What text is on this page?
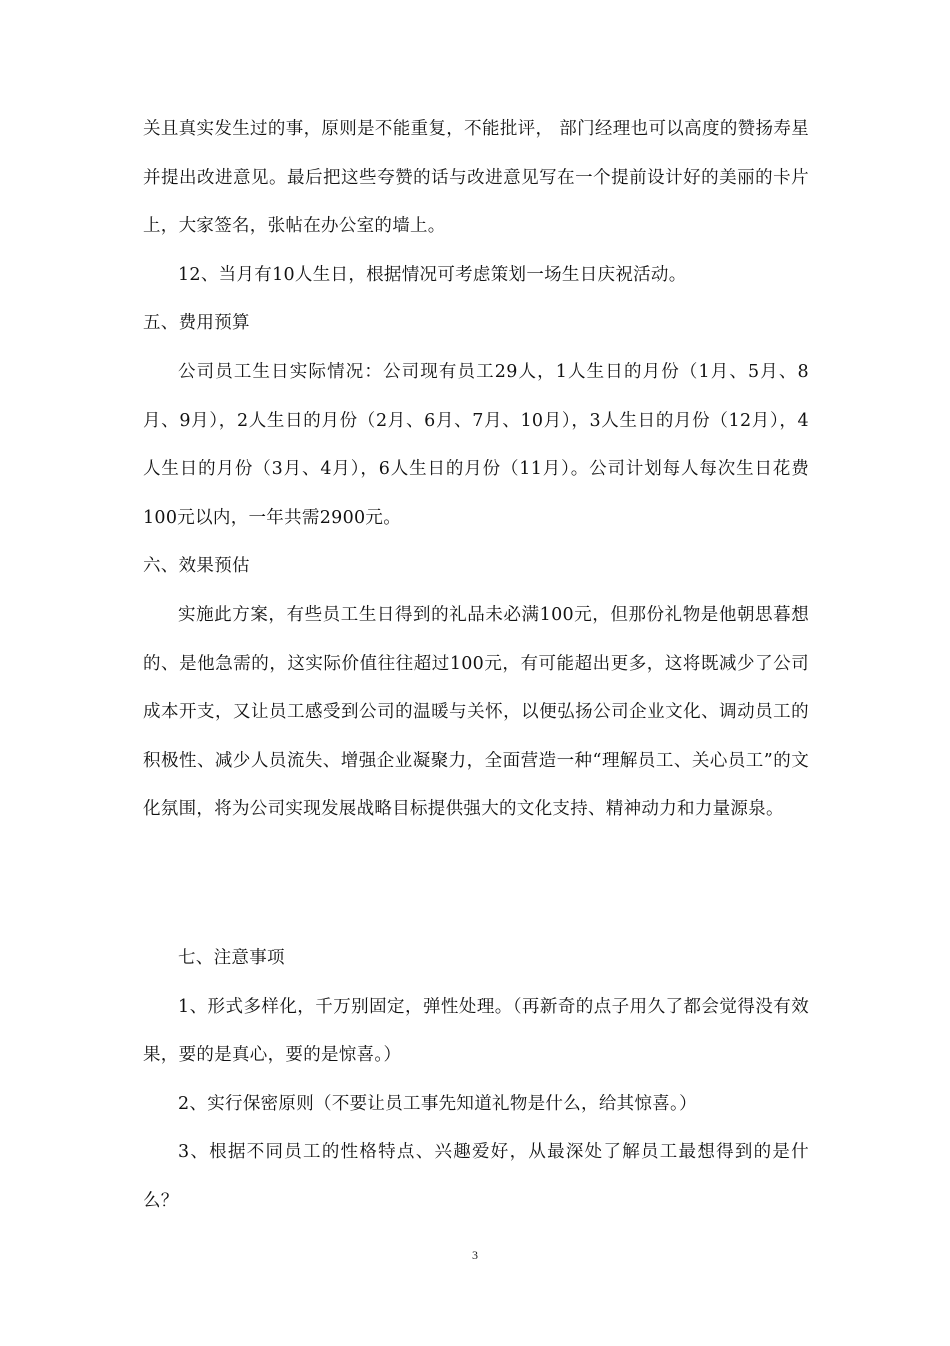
关且真实发生过的事，原则是不能重复，不能批评， 部门经理也可以高度的赞扬寿星并提出改进意见。最后把这些夸赞的话与改进意见写在一个提前设计好的美丽的卡片上，大家签名，张帖在办公室的墙上。

12、当月有10人生日，根据情况可考虑策划一场生日庆祝活动。

五、费用预算

公司员工生日实际情况：公司现有员工29人，1人生日的月份（1月、5月、8月、9月），2人生日的月份（2月、6月、7月、10月），3人生日的月份（12月），4人生日的月份（3月、4月），6人生日的月份（11月）。公司计划每人每次生日花费100元以内，一年共需2900元。

六、效果预估

实施此方案，有些员工生日得到的礼品未必满100元，但那份礼物是他朝思暮想的、是他急需的，这实际价值往往超过100元，有可能超出更多，这将既减少了公司成本开支，又让员工感受到公司的温暖与关怀，以便弘扬公司企业文化、调动员工的积极性、减少人员流失、增强企业凝聚力，全面营造一种“理解员工、关心员工”的文化氛围，将为公司实现发展战略目标提供强大的文化支持、精神动力和力量源泉。

七、注意事项

1、形式多样化，千万别固定，弹性处理。（再新奇的点子用久了都会觉得没有效果，要的是真心，要的是惊喜。）

2、实行保密原则（不要让员工事先知道礼物是什么，给其惊喜。）

3、根据不同员工的性格特点、兴趣爱好，从最深处了解员工最想得到的是什么？

3
